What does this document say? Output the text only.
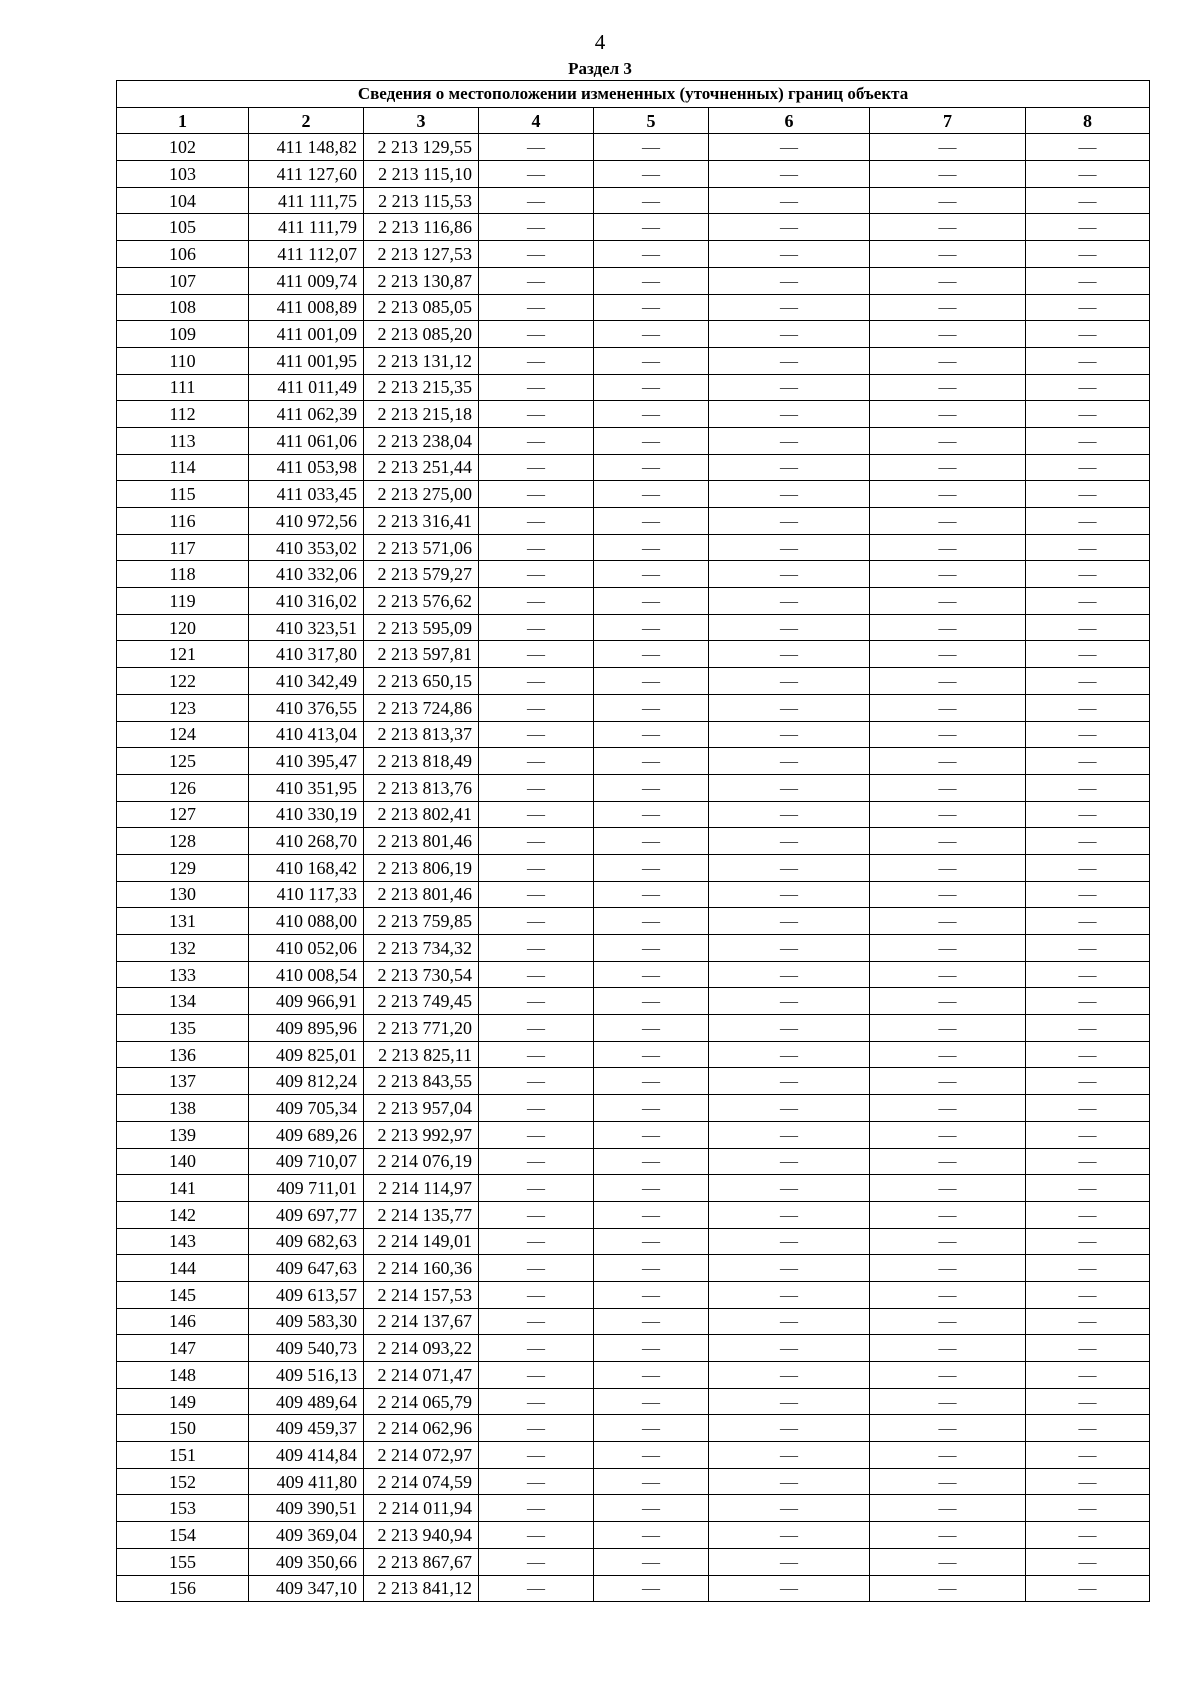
4
Раздел 3
Сведения о местоположении измененных (уточненных) границ объекта							
1	2	3	4	5	6	7	8
102	411 148,82	2 213 129,55	—	—	—	—	—
103	411 127,60	2 213 115,10	—	—	—	—	—
104	411 111,75	2 213 115,53	—	—	—	—	—
105	411 111,79	2 213 116,86	—	—	—	—	—
106	411 112,07	2 213 127,53	—	—	—	—	—
107	411 009,74	2 213 130,87	—	—	—	—	—
108	411 008,89	2 213 085,05	—	—	—	—	—
109	411 001,09	2 213 085,20	—	—	—	—	—
110	411 001,95	2 213 131,12	—	—	—	—	—
111	411 011,49	2 213 215,35	—	—	—	—	—
112	411 062,39	2 213 215,18	—	—	—	—	—
113	411 061,06	2 213 238,04	—	—	—	—	—
114	411 053,98	2 213 251,44	—	—	—	—	—
115	411 033,45	2 213 275,00	—	—	—	—	—
116	410 972,56	2 213 316,41	—	—	—	—	—
117	410 353,02	2 213 571,06	—	—	—	—	—
118	410 332,06	2 213 579,27	—	—	—	—	—
119	410 316,02	2 213 576,62	—	—	—	—	—
120	410 323,51	2 213 595,09	—	—	—	—	—
121	410 317,80	2 213 597,81	—	—	—	—	—
122	410 342,49	2 213 650,15	—	—	—	—	—
123	410 376,55	2 213 724,86	—	—	—	—	—
124	410 413,04	2 213 813,37	—	—	—	—	—
125	410 395,47	2 213 818,49	—	—	—	—	—
126	410 351,95	2 213 813,76	—	—	—	—	—
127	410 330,19	2 213 802,41	—	—	—	—	—
128	410 268,70	2 213 801,46	—	—	—	—	—
129	410 168,42	2 213 806,19	—	—	—	—	—
130	410 117,33	2 213 801,46	—	—	—	—	—
131	410 088,00	2 213 759,85	—	—	—	—	—
132	410 052,06	2 213 734,32	—	—	—	—	—
133	410 008,54	2 213 730,54	—	—	—	—	—
134	409 966,91	2 213 749,45	—	—	—	—	—
135	409 895,96	2 213 771,20	—	—	—	—	—
136	409 825,01	2 213 825,11	—	—	—	—	—
137	409 812,24	2 213 843,55	—	—	—	—	—
138	409 705,34	2 213 957,04	—	—	—	—	—
139	409 689,26	2 213 992,97	—	—	—	—	—
140	409 710,07	2 214 076,19	—	—	—	—	—
141	409 711,01	2 214 114,97	—	—	—	—	—
142	409 697,77	2 214 135,77	—	—	—	—	—
143	409 682,63	2 214 149,01	—	—	—	—	—
144	409 647,63	2 214 160,36	—	—	—	—	—
145	409 613,57	2 214 157,53	—	—	—	—	—
146	409 583,30	2 214 137,67	—	—	—	—	—
147	409 540,73	2 214 093,22	—	—	—	—	—
148	409 516,13	2 214 071,47	—	—	—	—	—
149	409 489,64	2 214 065,79	—	—	—	—	—
150	409 459,37	2 214 062,96	—	—	—	—	—
151	409 414,84	2 214 072,97	—	—	—	—	—
152	409 411,80	2 214 074,59	—	—	—	—	—
153	409 390,51	2 214 011,94	—	—	—	—	—
154	409 369,04	2 213 940,94	—	—	—	—	—
155	409 350,66	2 213 867,67	—	—	—	—	—
156	409 347,10	2 213 841,12	—	—	—	—	—
